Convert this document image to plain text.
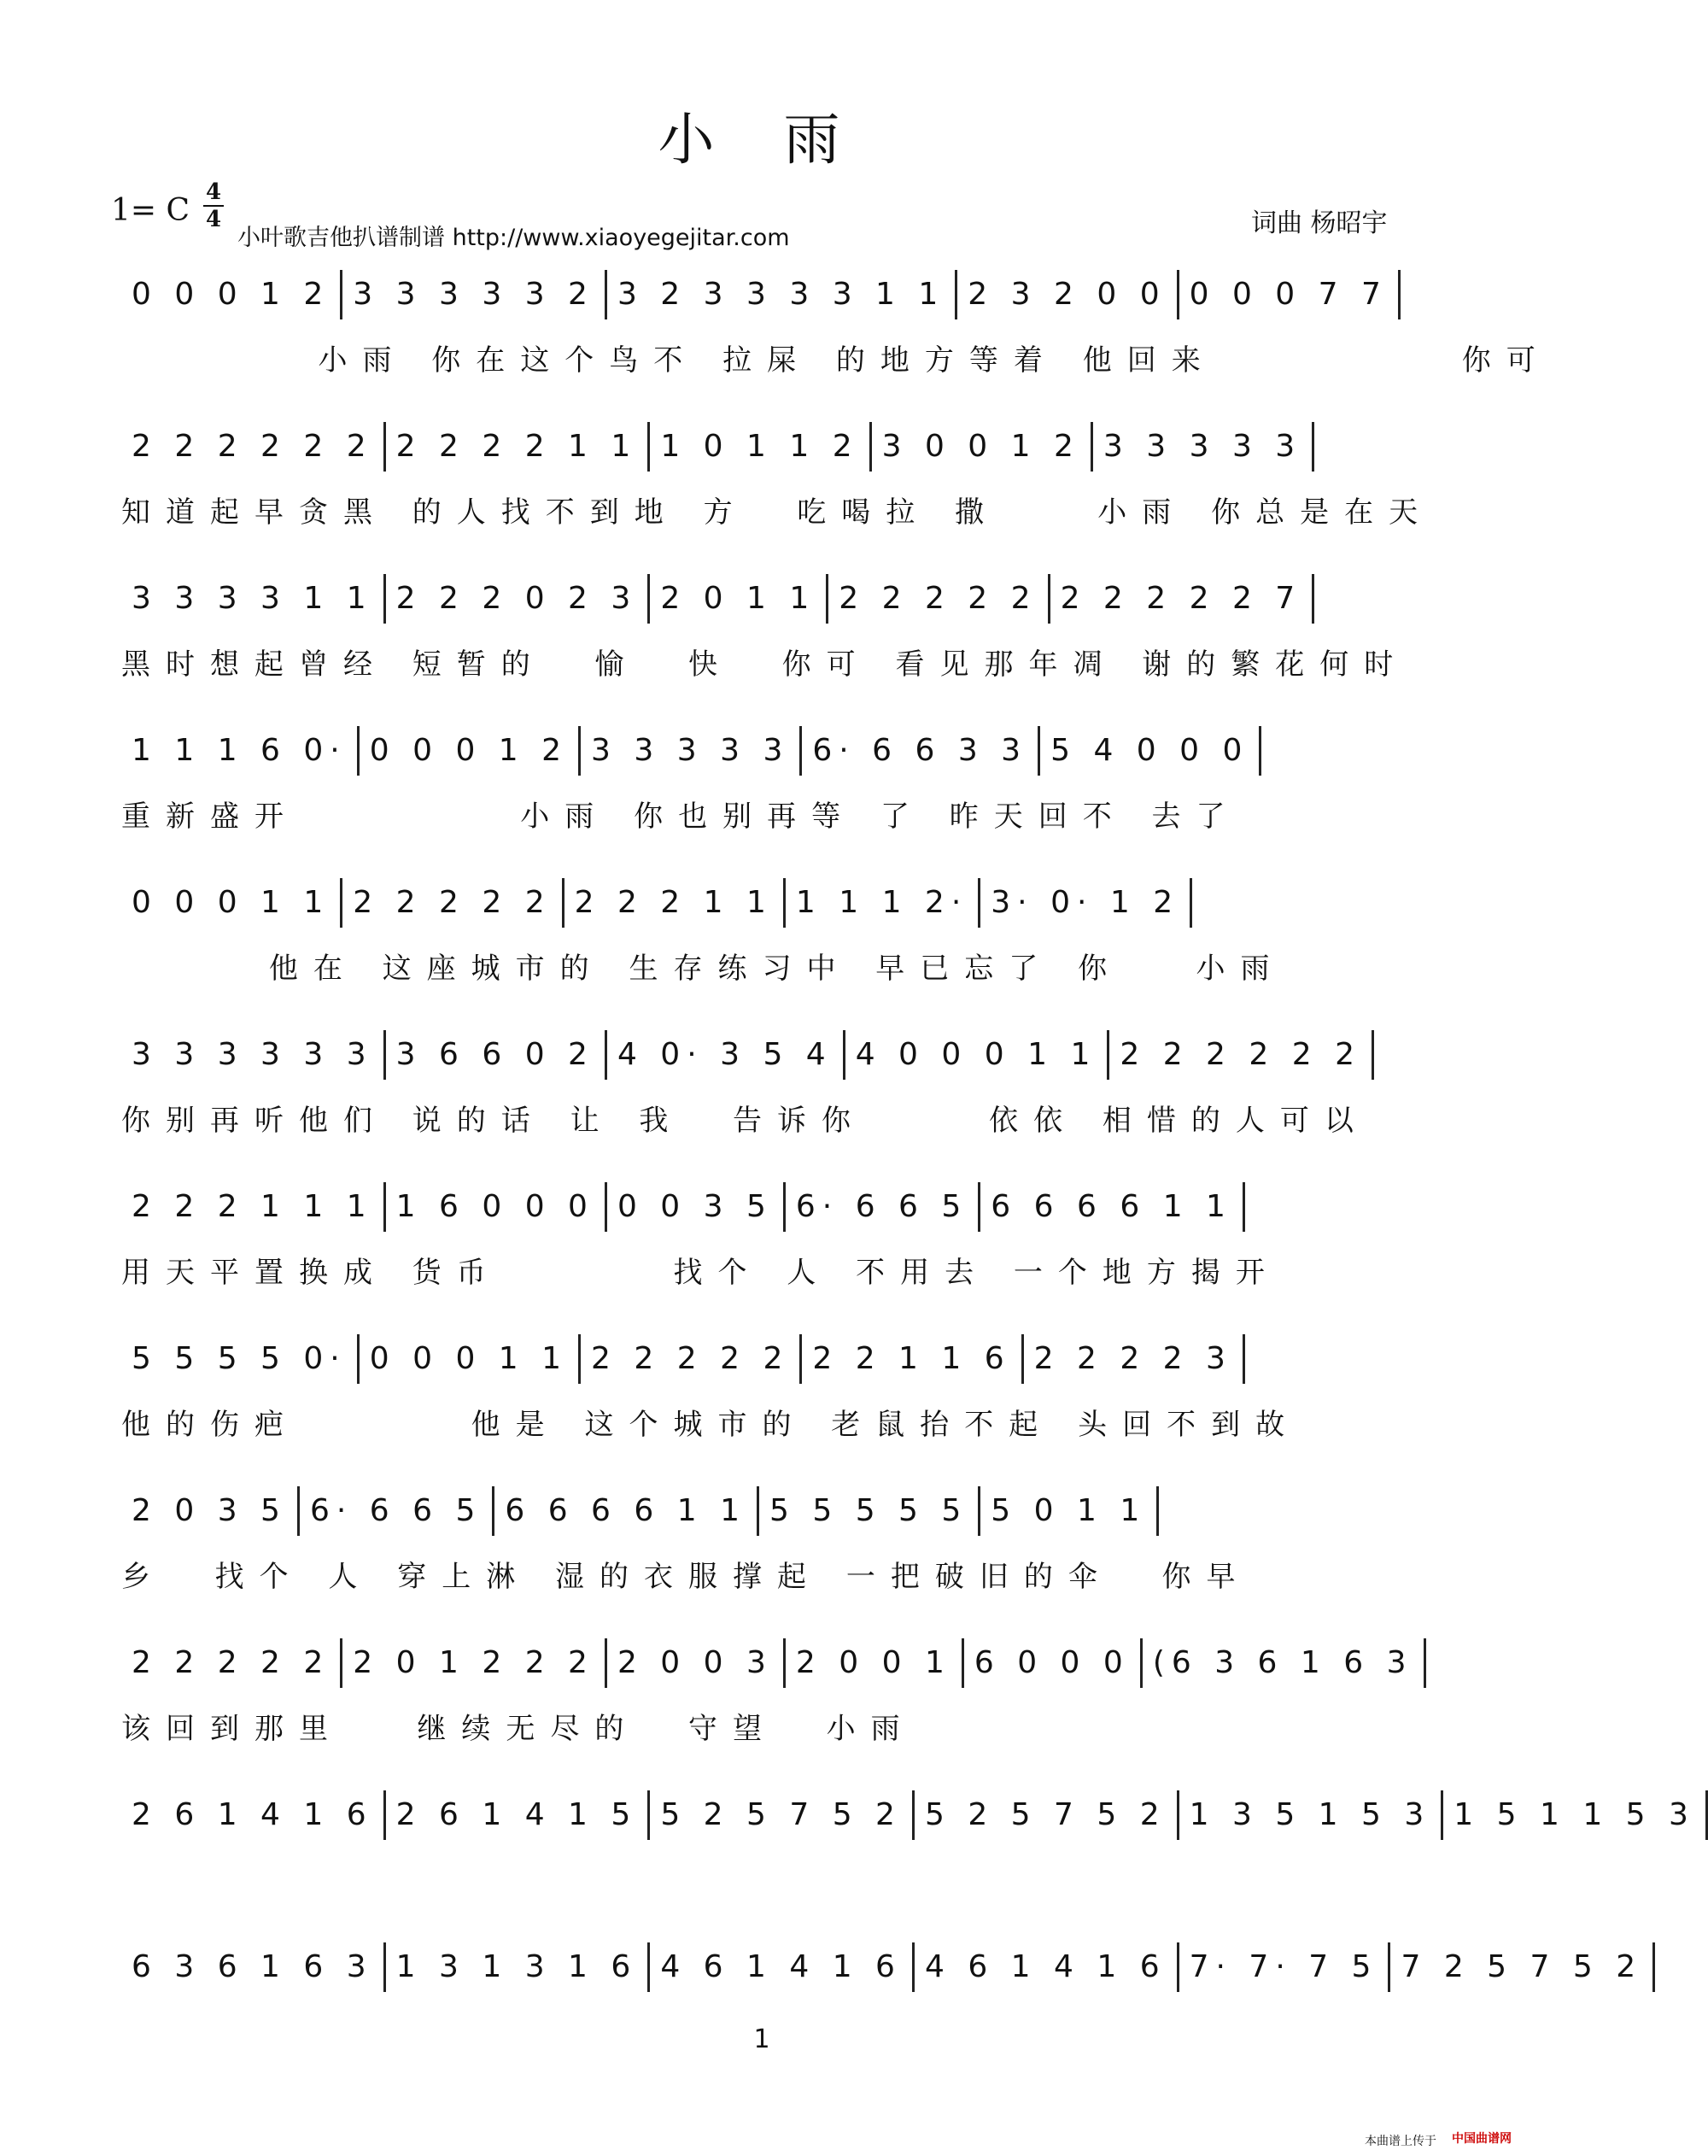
小 雨
1= C
4
4
小叶歌吉他扒谱制谱 http://www.xiaoyegejitar.com	词曲 杨昭宇
0 0 0 1 2 3 3 3 3 3 2 3 2 3 3 3 3 1 1 2 3 2 0 0 0 0 0 7 7
小雨 你在这个鸟不 拉屎 的地方等着 他回来          你可
2 2 2 2 2 2 2 2 2 2 1 1 1 0 1 1 2 3 0 0 1 2 3 3 3 3 3
知道起早贪黑 的人找不到地 方  吃喝拉 撒    小雨 你总是在天
3 3 3 3 1 1 2 2 2 0 2 3 2 0 1 1 2 2 2 2 2 2 2 2 2 2 7
黑时想起曾经 短暂的  愉  快  你可 看见那年凋 谢的繁花何时
1 1 1 6 0· 0 0 0 1 2 3 3 3 3 3 6· 6 6 3 3 5 4 0 0 0
重新盛开         小雨 你也别再等 了 昨天回不 去了
0 0 0 1 1 2 2 2 2 2 2 2 2 1 1 1 1 1 2· 3· 0· 1 2
他在 这座城市的 生存练习中 早已忘了 你   小雨
3 3 3 3 3 3 3 6 6 0 2 4 0· 3 5 4 4 0 0 0 1 1 2 2 2 2 2 2
你别再听他们 说的话 让 我  告诉你     依依 相惜的人可以
2 2 2 1 1 1 1 6 0 0 0 0 0 3 5 6· 6 6 5 6 6 6 6 1 1
用天平置换成 货币       找个 人 不用去 一个地方揭开
5 5 5 5 0· 0 0 0 1 1 2 2 2 2 2 2 2 1 1 6 2 2 2 2 3
他的伤疤       他是 这个城市的 老鼠抬不起 头回不到故
2 0 3 5 6· 6 6 5 6 6 6 6 1 1 5 5 5 5 5 5 0 1 1
乡  找个 人 穿上淋 湿的衣服撑起 一把破旧的伞  你早
2 2 2 2 2 2 0 1 2 2 2 2 0 0 3 2 0 0 1 6 0 0 0 (6 3 6 1 6 3
该回到那里   继续无尽的  守望  小雨
2 6 1 4 1 6 2 6 1 4 1 5 5 2 5 7 5 2 5 2 5 7 5 2 1 3 5 1 5 3 1 5 1 1 5 3
6 3 6 1 6 3 1 3 1 3 1 6 4 6 1 4 1 6 4 6 1 4 1 6 7· 7· 7 5 7 2 5 7 5 2
1
本曲谱上传于 中国曲谱网
